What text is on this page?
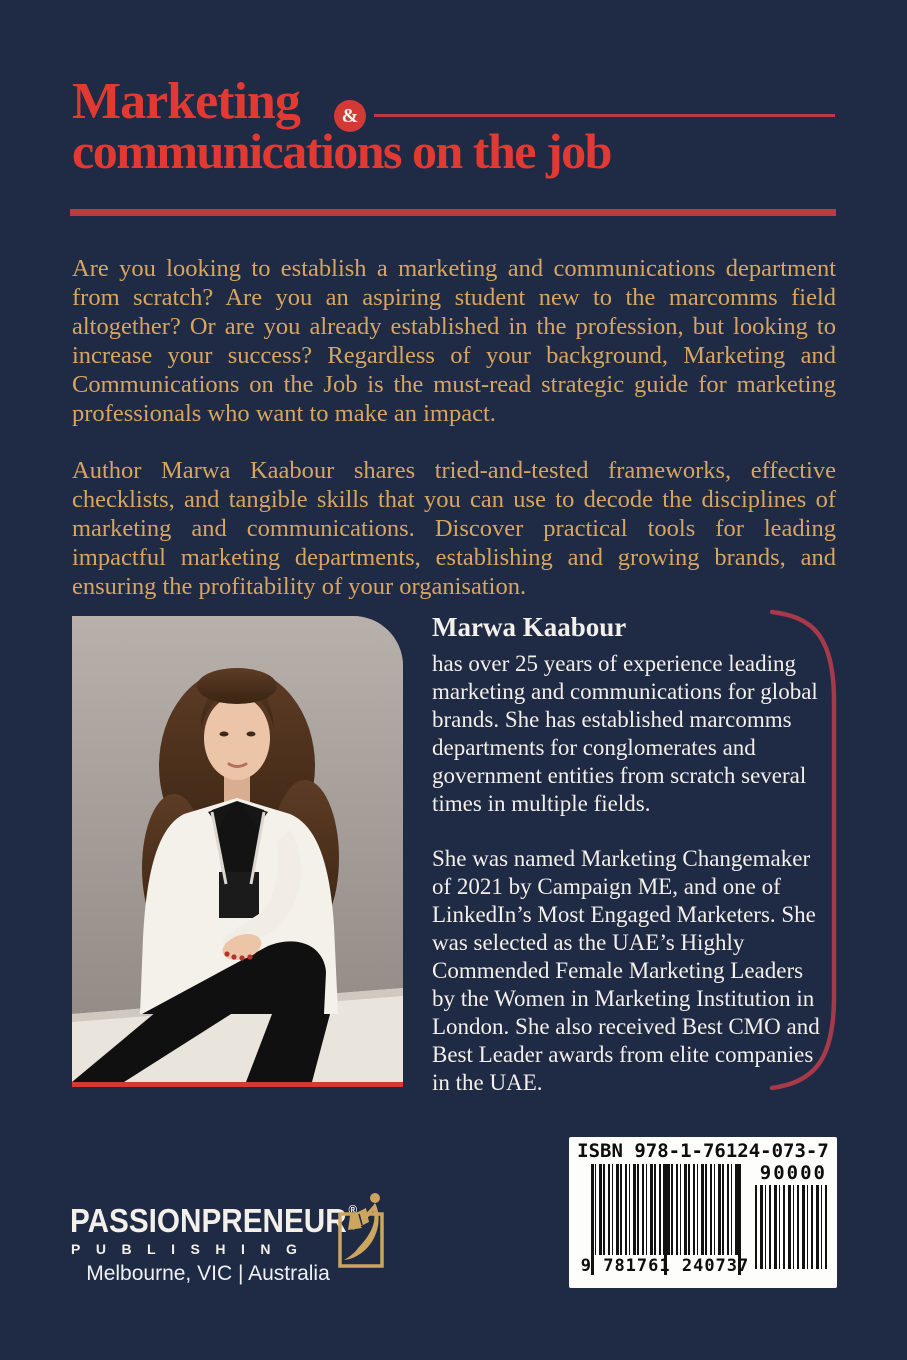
Marketing &
communications on the job

Are you looking to establish a marketing and communications department from scratch? Are you an aspiring student new to the marcomms field altogether? Or are you already established in the profession, but looking to increase your success? Regardless of your background, Marketing and Communications on the Job is the must-read strategic guide for marketing professionals who want to make an impact.

Author Marwa Kaabour shares tried-and-tested frameworks, effective checklists, and tangible skills that you can use to decode the disciplines of marketing and communications. Discover practical tools for leading impactful marketing departments, establishing and growing brands, and ensuring the profitability of your organisation.

Marwa Kaabour

has over 25 years of experience leading marketing and communications for global brands. She has established marcomms departments for conglomerates and government entities from scratch several times in multiple fields.

She was named Marketing Changemaker of 2021 by Campaign ME, and one of LinkedIn’s Most Engaged Marketers. She was selected as the UAE’s Highly Commended Female Marketing Leaders by the Women in Marketing Institution in London. She also received Best CMO and Best Leader awards from elite companies in the UAE.

ISBN 978-1-76124-073-7
9 781761 240737
90000
PASSIONPRENEUR ®
PUBLISHING
Melbourne, VIC | Australia
